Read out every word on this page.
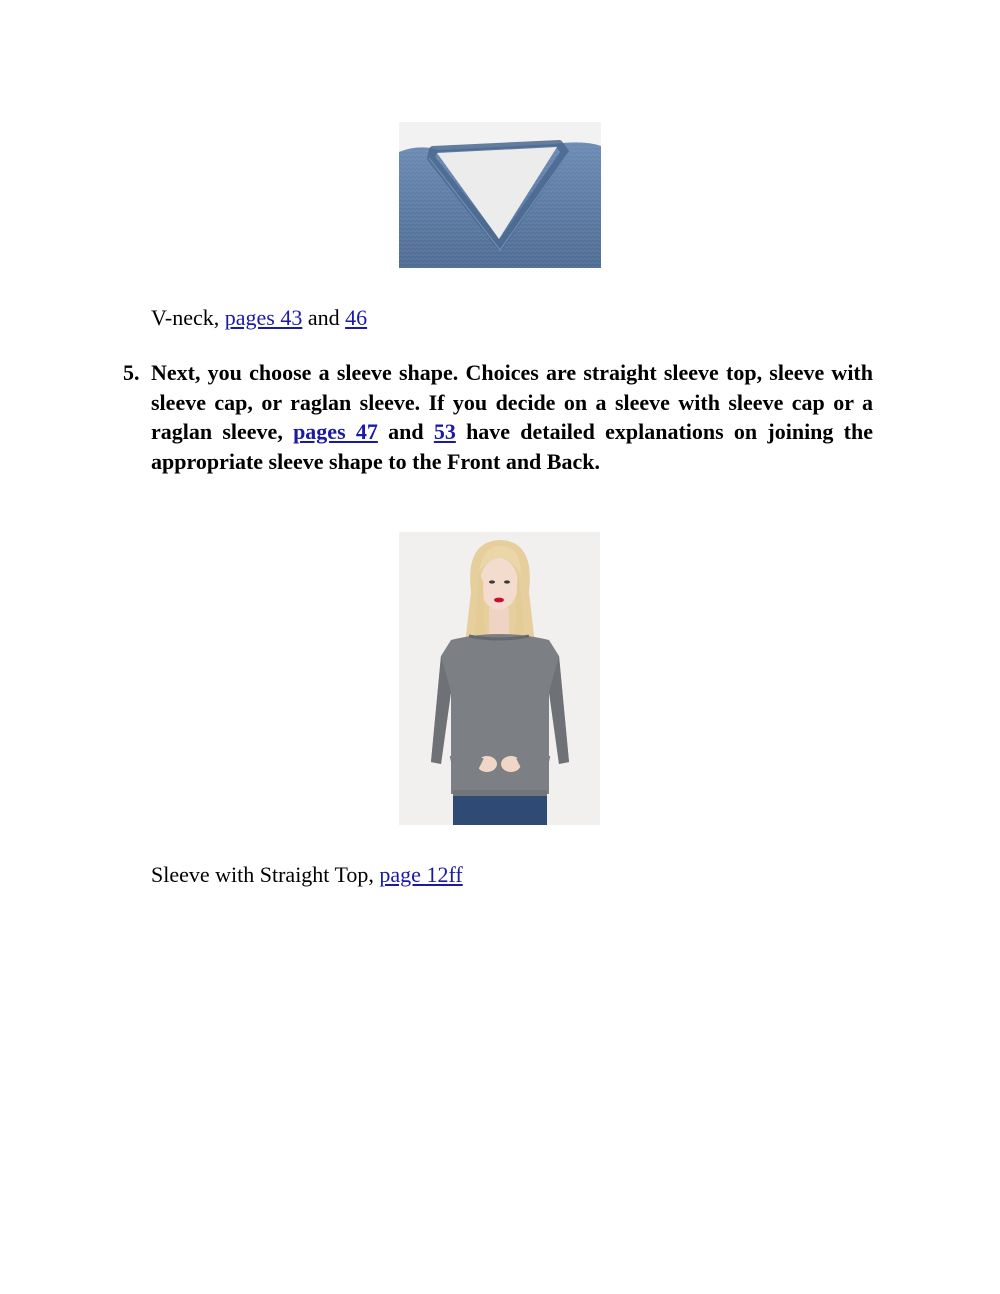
V-neck, pages 43 and 46
5. Next, you choose a sleeve shape. Choices are straight sleeve top, sleeve with sleeve cap, or raglan sleeve. If you decide on a sleeve with sleeve cap or a raglan sleeve, pages 47 and 53 have detailed explanations on joining the appropriate sleeve shape to the Front and Back.
Sleeve with Straight Top, page 12ff
